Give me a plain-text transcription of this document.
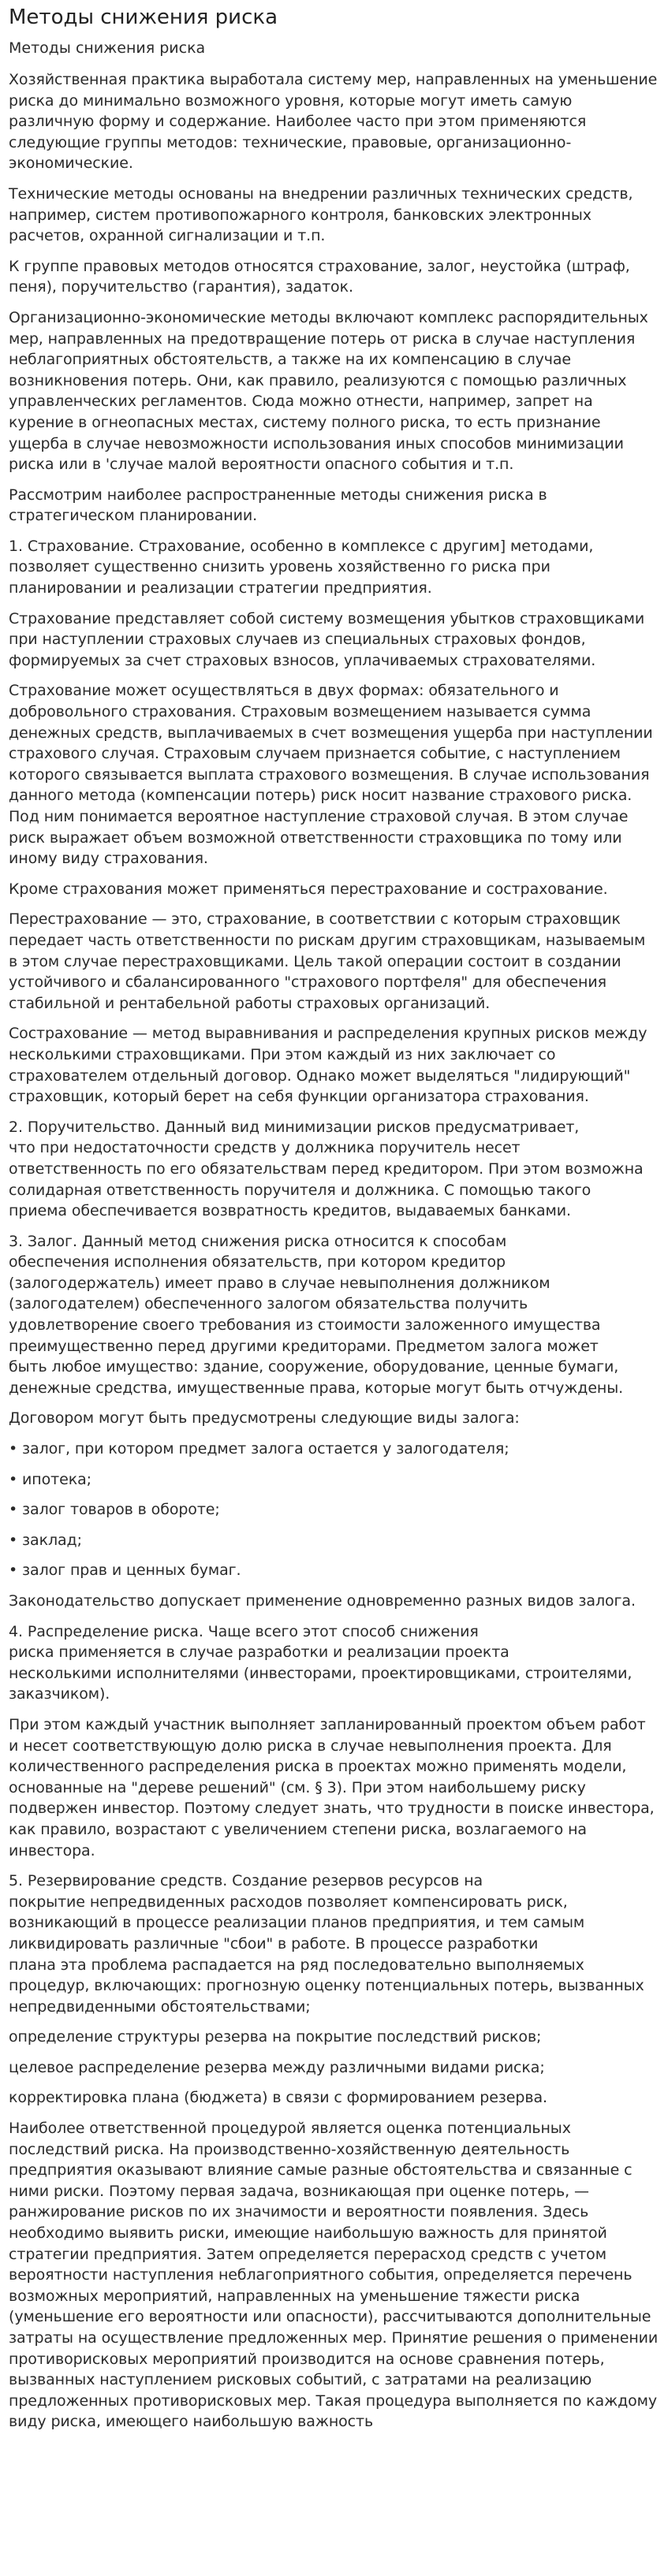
Методы снижения риска
Методы снижения риска

Хозяйственная практика выработала систему мер, направленных на уменьшение риска до минимально возможного уровня, которые могут иметь самую различную форму и содержание. Наиболее часто при этом применяются следующие группы методов: технические, правовые, организационно-экономические.

Технические методы основаны на внедрении различных технических средств, например, систем противопожарного контроля, банковских электронных расчетов, охранной сигнализации и т.п.

К группе правовых методов относятся страхование, залог, неустойка (штраф, пеня), поручительство (гарантия), задаток.

Организационно-экономические методы включают комплекс распорядительных мер, направленных на предотвращение потерь от риска в случае наступления неблагоприятных обстоятельств, а также на их компенсацию в случае возникновения потерь. Они, как правило, реализуются с помощью различных управленческих регламентов. Сюда можно отнести, например, запрет на курение в огнеопасных местах, систему полного риска, то есть признание ущерба в случае невозможности использования иных способов минимизации риска или в 'случае малой вероятности опасного события и т.п.

Рассмотрим наиболее распространенные методы снижения риска в стратегическом планировании.

1. Страхование. Страхование, особенно в комплексе с другим] методами, позволяет существенно снизить уровень хозяйственно го риска при планировании и реализации стратегии предприятия.

Страхование представляет собой систему возмещения убытков страховщиками при наступлении страховых случаев из специальных страховых фондов, формируемых за счет страховых взносов, уплачиваемых страхователями.

Страхование может осуществляться в двух формах: обязательного и добровольного страхования. Страховым возмещением называется сумма денежных средств, выплачиваемых в счет возмещения ущерба при наступлении страхового случая. Страховым случаем признается событие, с наступлением которого связывается выплата страхового возмещения. В случае использования данного метода (компенсации потерь) риск носит название страхового риска. Под ним понимается вероятное наступление страховой случая. В этом случае риск выражает объем возможной ответственности страховщика по тому или иному виду страхования.

Кроме страхования может применяться перестрахование и сострахование.

Перестрахование — это, страхование, в соответствии с которым страховщик передает часть ответственности по рискам другим страховщикам, называемым в этом случае перестраховщиками. Цель такой операции состоит в создании устойчивого и сбалансированного "страхового портфеля" для обеспечения стабильной и рентабельной работы страховых организаций.

Сострахование — метод выравнивания и распределения крупных рисков между несколькими страховщиками. При этом каждый из них заключает со страхователем отдельный договор. Однако может выделяться "лидирующий" страховщик, который берет на себя функции организатора страхования.

2. Поручительство. Данный вид минимизации рисков предусматривает,
что при недостаточности средств у должника поручитель несет
ответственность по его обязательствам перед кредитором. При этом возможна
солидарная ответственность поручителя и должника. С помощью такого
приема обеспечивается возвратность кредитов, выдаваемых банками.

3. Залог. Данный метод снижения риска относится к способам
обеспечения исполнения обязательств, при котором кредитор
(залогодержатель) имеет право в случае невыполнения должником
(залогодателем) обеспеченного залогом обязательства получить
удовлетворение своего требования из стоимости заложенного имущества
преимущественно перед другими кредиторами. Предметом залога может
быть любое имущество: здание, сооружение, оборудование, ценные бумаги,
денежные средства, имущественные права, которые могут быть отчуждены.

Договором могут быть предусмотрены следующие виды залога:

• залог, при котором предмет залога остается у залогодателя;

• ипотека;

• залог товаров в обороте;

• заклад;

• залог прав и ценных бумаг.

Законодательство допускает применение одновременно разных видов залога.

4. Распределение риска. Чаще всего этот способ снижения
риска применяется в случае разработки и реализации проекта
несколькими исполнителями (инвесторами, проектировщиками, строителями,
заказчиком).

При этом каждый участник выполняет запланированный проектом объем работ и несет соответствующую долю риска в случае невыполнения проекта. Для количественного распределения риска в проектах можно применять модели, основанные на "дереве решений" (см. § 3). При этом наибольшему риску подвержен инвестор. Поэтому следует знать, что трудности в поиске инвестора, как правило, возрастают с увеличением степени риска, возлагаемого на инвестора.

5. Резервирование средств. Создание резервов ресурсов на
покрытие непредвиденных расходов позволяет компенсировать риск,
возникающий в процессе реализации планов предприятия, и тем самым
ликвидировать различные "сбои" в работе. В процессе разработки
плана эта проблема распадается на ряд последовательно выполняемых
процедур, включающих: прогнозную оценку потенциальных потерь, вызванных
непредвиденными обстоятельствами;

определение структуры резерва на покрытие последствий рисков;

целевое распределение резерва между различными видами риска;

корректировка плана (бюджета) в связи с формированием резерва.

Наиболее ответственной процедурой является оценка потенциальных последствий риска. На производственно-хозяйственную деятельность предприятия оказывают влияние самые разные обстоятельства и связанные с ними риски. Поэтому первая задача, возникающая при оценке потерь, — ранжирование рисков по их значимости и вероятности появления. Здесь необходимо выявить риски, имеющие наибольшую важность для принятой стратегии предприятия. Затем определяется перерасход средств с учетом вероятности наступления неблагоприятного события, определяется перечень возможных мероприятий, направленных на уменьшение тяжести риска (уменьшение его вероятности или опасности), рассчитываются дополнительные затраты на осуществление предложенных мер. Принятие решения о применении противорисковых мероприятий производится на основе сравнения потерь, вызванных наступлением рисковых событий, с затратами на реализацию предложенных противорисковых мер. Такая процедура выполняется по каждому виду риска, имеющего наибольшую важность
